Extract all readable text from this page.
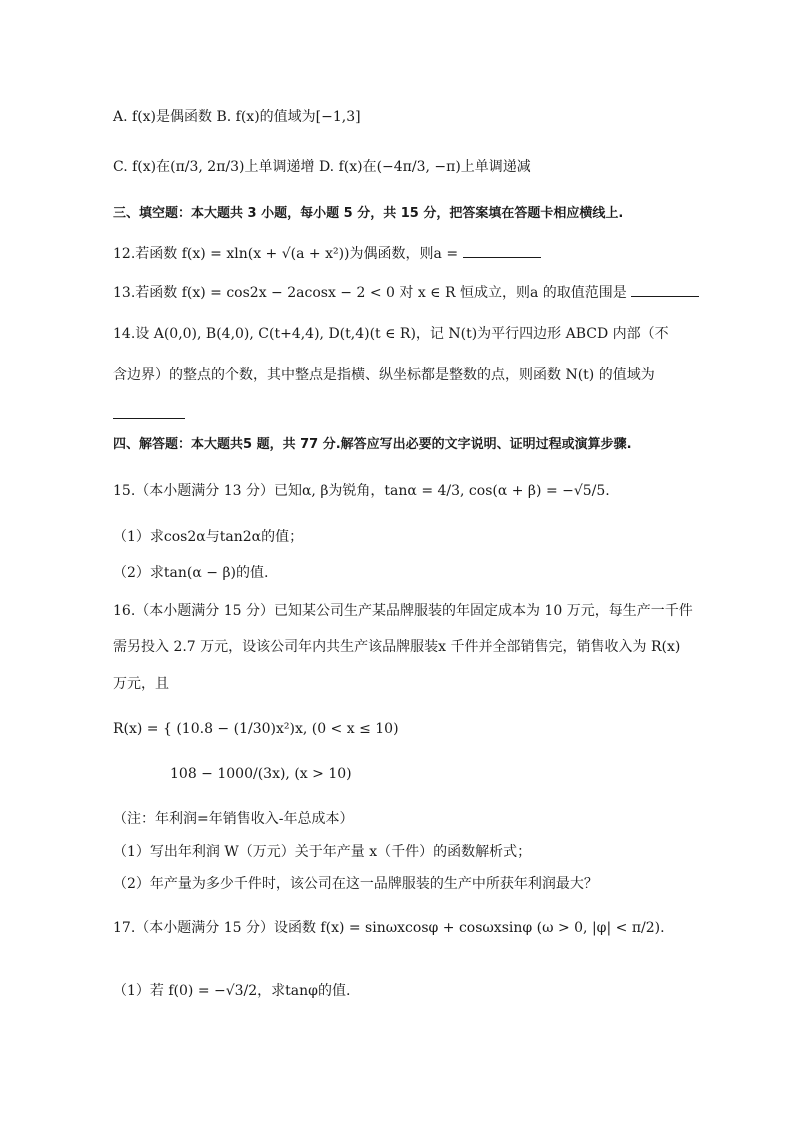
A. f(x)是偶函数 B. f(x)的值域为[−1,3]
C. f(x)在(π/3, 2π/3)上单调递增 D. f(x)在(−4π/3, −π)上单调递减
三、填空题：本大题共 3 小题，每小题 5 分，共 15 分，把答案填在答题卡相应横线上.
12.若函数 f(x) = xln(x + √(a + x²))为偶函数，则a =
13.若函数 f(x) = cos2x − 2acosx − 2 < 0 对 x ∈ R 恒成立，则a 的取值范围是
14.设 A(0,0), B(4,0), C(t+4,4), D(t,4)(t ∈ R)，记 N(t)为平行四边形 ABCD 内部（不
含边界）的整点的个数，其中整点是指横、纵坐标都是整数的点，则函数 N(t) 的值域为
四、解答题：本大题共5 题，共 77 分.解答应写出必要的文字说明、证明过程或演算步骤.
15.（本小题满分 13 分）已知α, β为锐角，tanα = 4/3, cos(α + β) = −√5/5.
（1）求cos2α与tan2α的值；
（2）求tan(α − β)的值.
16.（本小题满分 15 分）已知某公司生产某品牌服装的年固定成本为 10 万元，每生产一千件
需另投入 2.7 万元，设该公司年内共生产该品牌服装x 千件并全部销售完，销售收入为 R(x)
万元，且
R(x) = { (10.8 − (1/30)x²)x, (0 < x ≤ 10)
108 − 1000/(3x), (x > 10)
（注：年利润=年销售收入-年总成本）
（1）写出年利润 W（万元）关于年产量 x（千件）的函数解析式；
（2）年产量为多少千件时，该公司在这一品牌服装的生产中所获年利润最大？
17.（本小题满分 15 分）设函数 f(x) = sinωxcosφ + cosωxsinφ (ω > 0, |φ| < π/2).
（1）若 f(0) = −√3/2，求tanφ的值.
